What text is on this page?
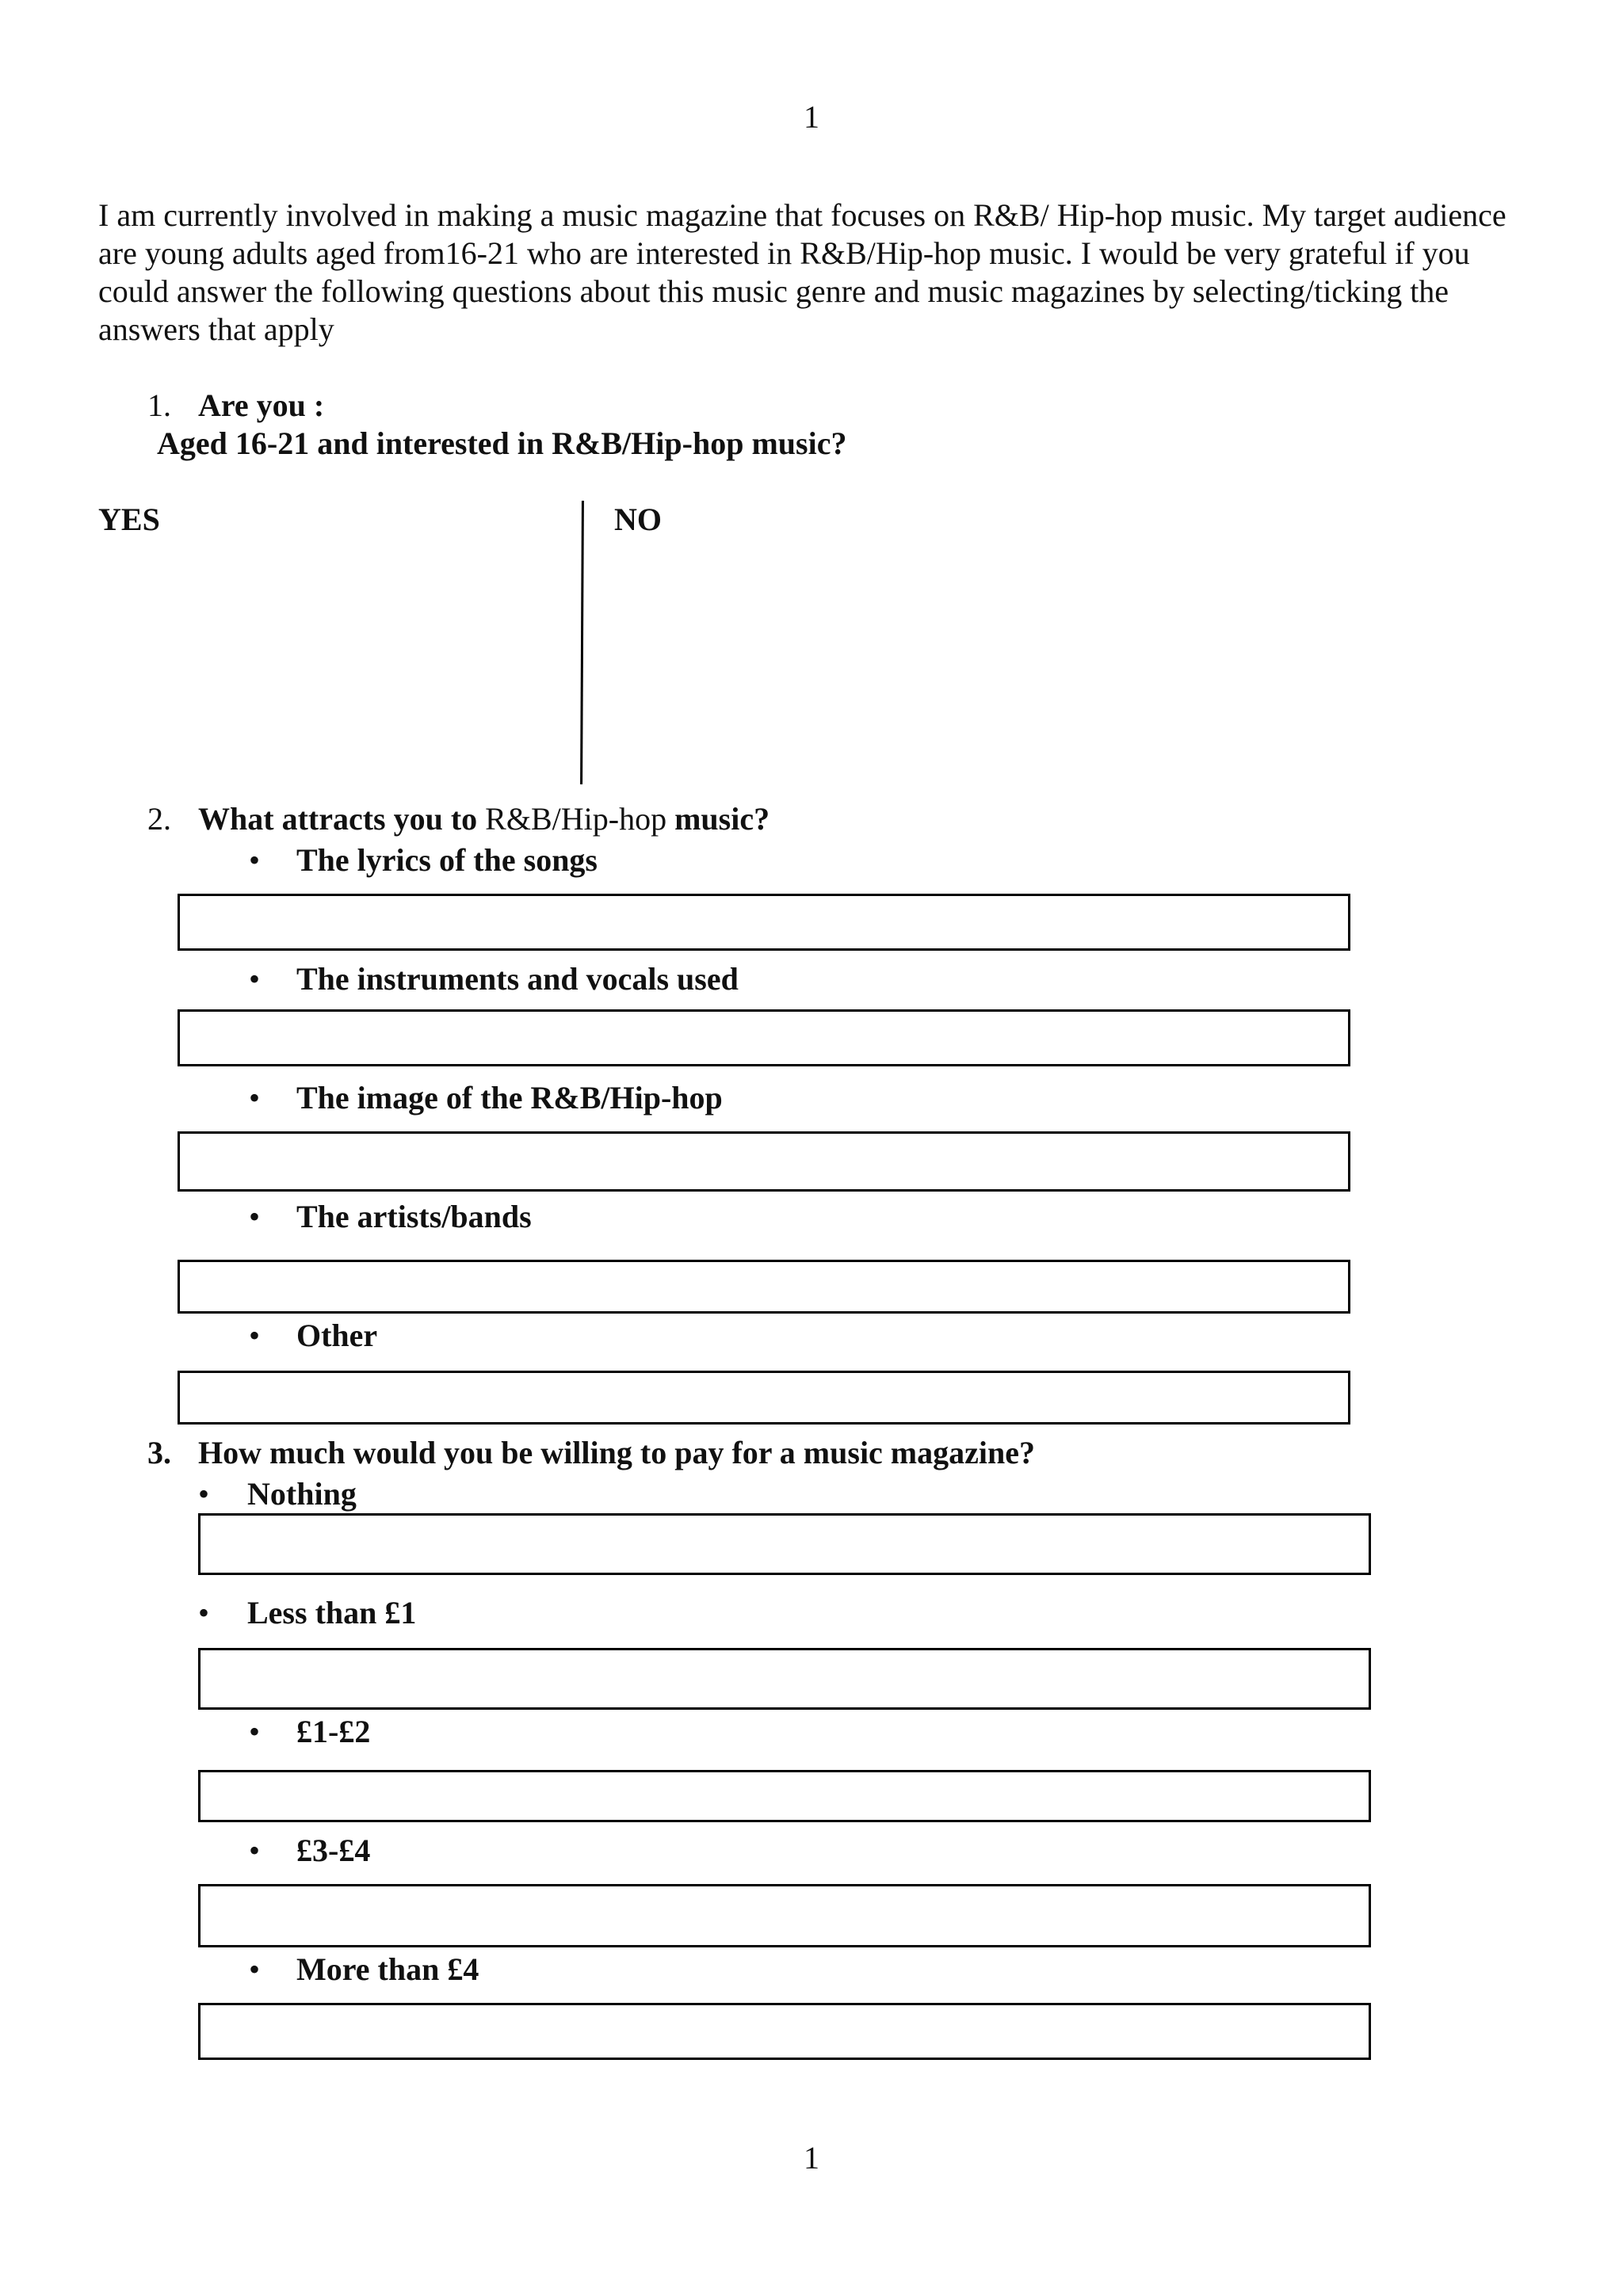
1
I am currently involved in making a music magazine that focuses on R&B/ Hip-hop music. My target audience are young adults aged from16-21 who are interested in R&B/Hip-hop music. I would be very grateful if you could answer the following questions about this music genre and music magazines by selecting/ticking the answers that apply
1. Are you :
Aged 16-21 and interested in R&B/Hip-hop music?
YES	NO
2. What attracts you to R&B/Hip-hop music?
• The lyrics of the songs
• The instruments and vocals used
• The image of the R&B/Hip-hop
• The artists/bands
• Other
3. How much would you be willing to pay for a music magazine?
• Nothing
• Less than £1
• £1-£2
• £3-£4
• More than £4
1
